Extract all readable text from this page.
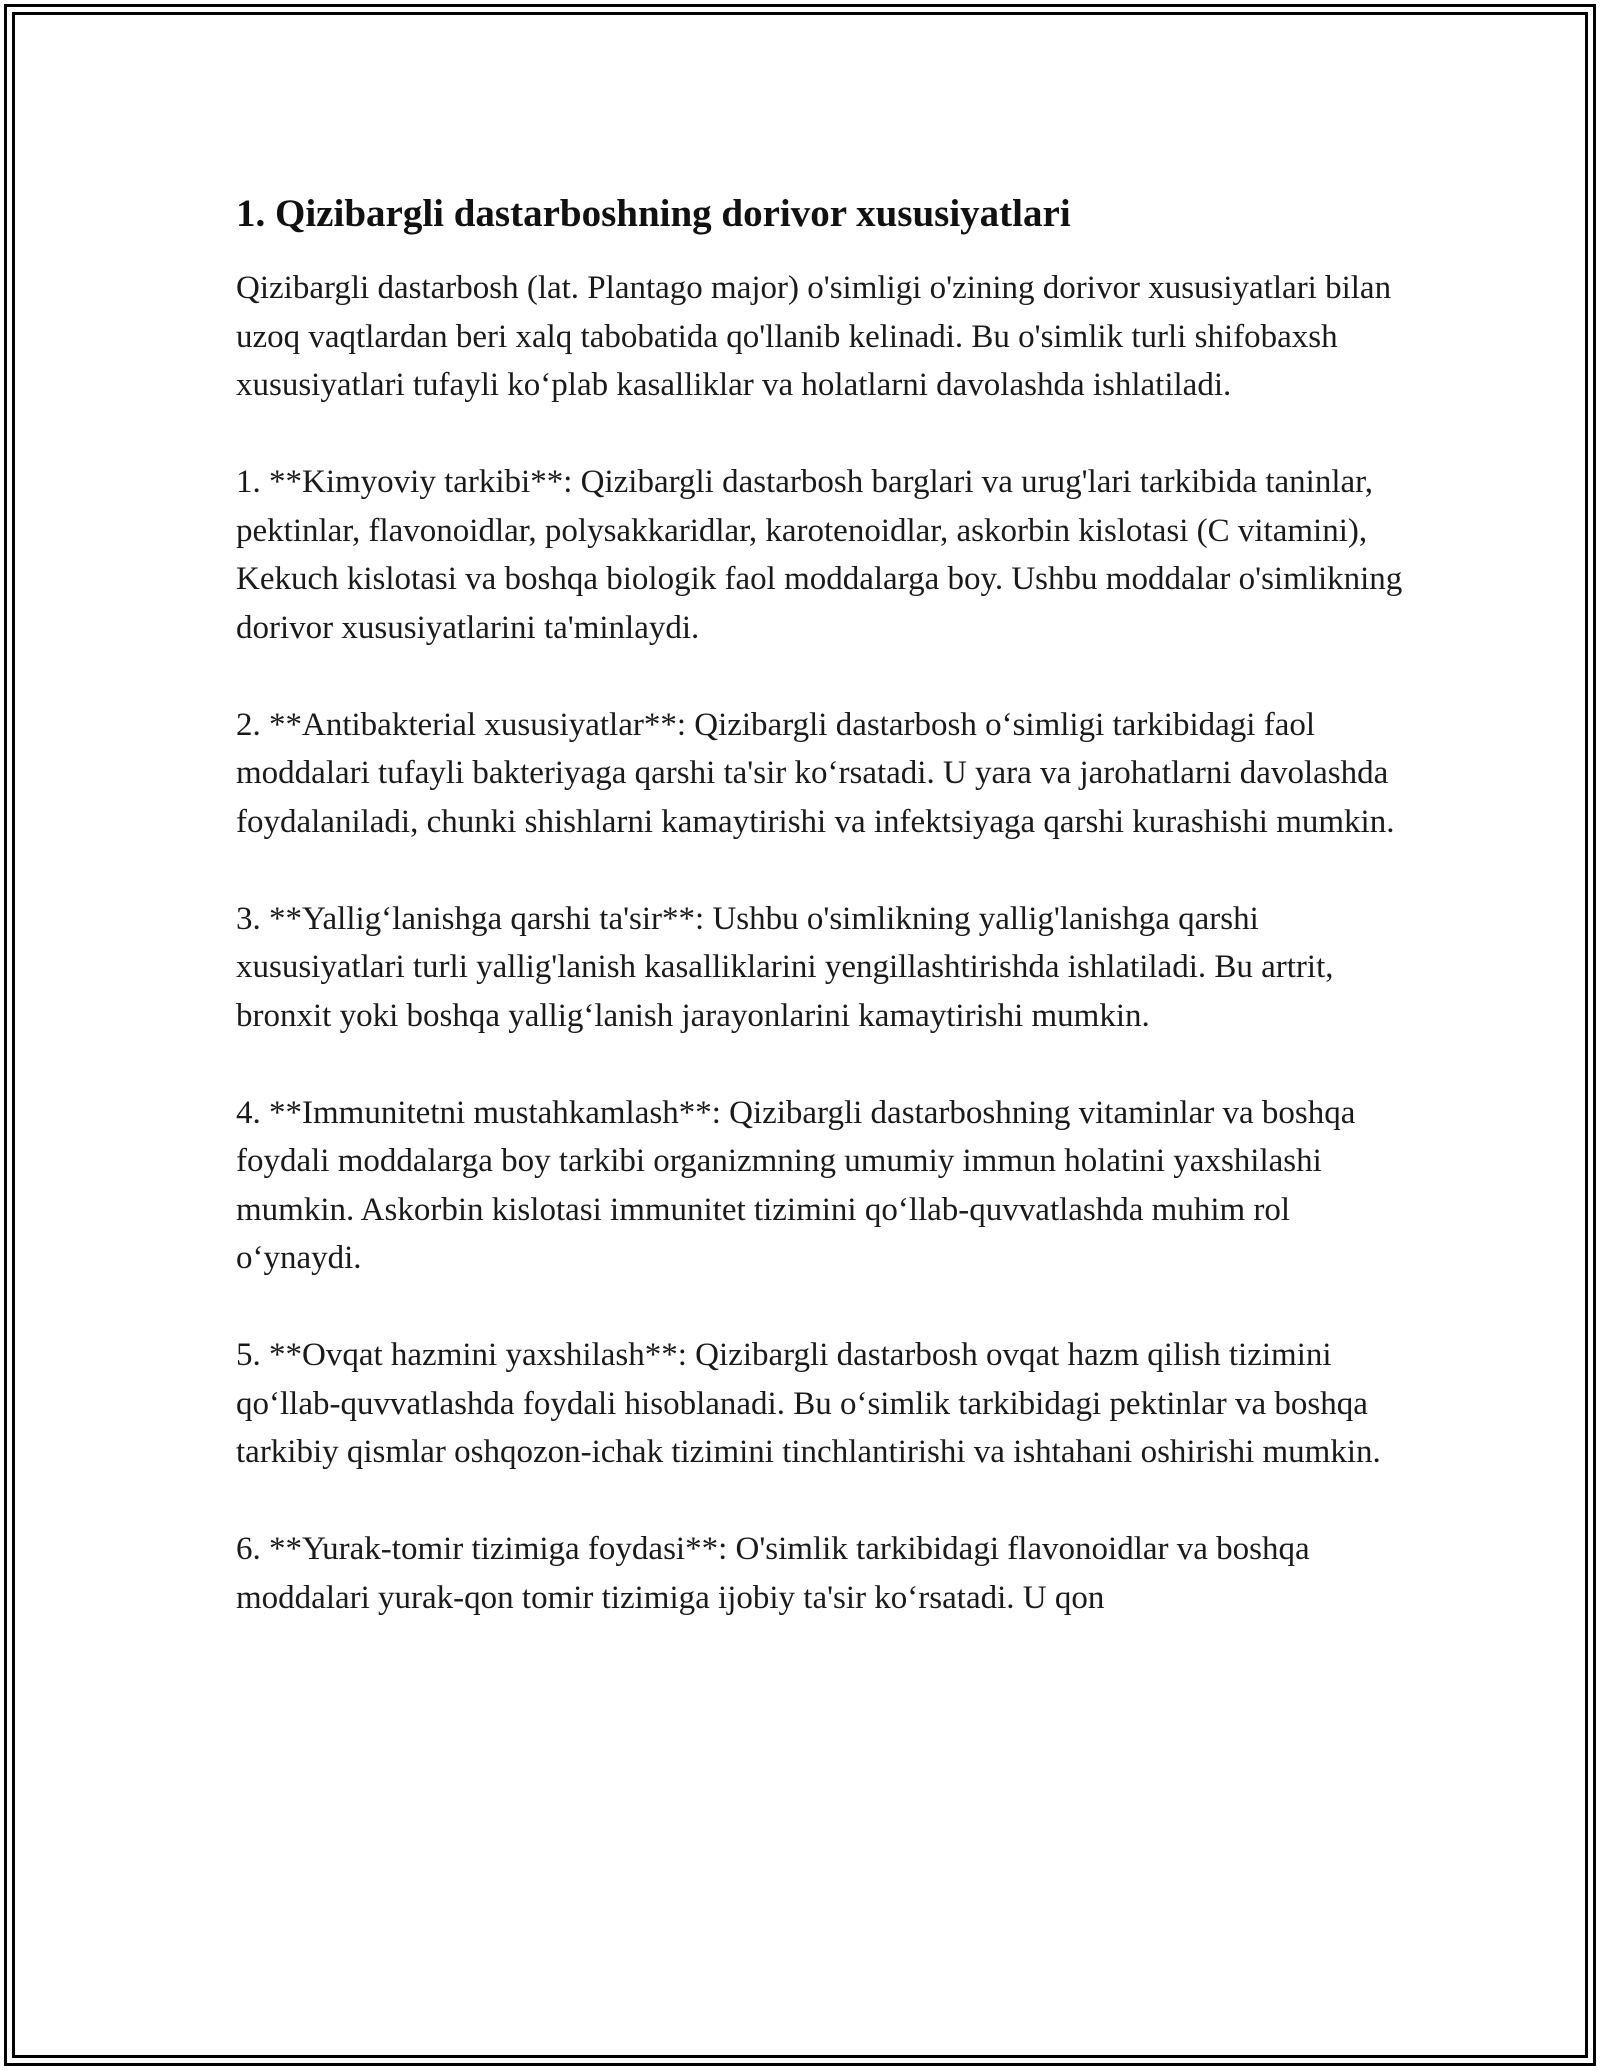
1. Qizibargli dastarboshning dorivor xususiyatlari

Qizibargli dastarbosh (lat. Plantago major) o'simligi o'zining dorivor xususiyatlari bilan uzoq vaqtlardan beri xalq tabobatida qo'llanib kelinadi. Bu o'simlik turli shifobaxsh xususiyatlari tufayli ko‘plab kasalliklar va holatlarni davolashda ishlatiladi.

1. **Kimyoviy tarkibi**: Qizibargli dastarbosh barglari va urug'lari tarkibida taninlar, pektinlar, flavonoidlar, polysakkaridlar, karotenoidlar, askorbin kislotasi (C vitamini), Kekuch kislotasi va boshqa biologik faol moddalarga boy. Ushbu moddalar o'simlikning dorivor xususiyatlarini ta'minlaydi.

2. **Antibakterial xususiyatlar**: Qizibargli dastarbosh o‘simligi tarkibidagi faol moddalari tufayli bakteriyaga qarshi ta'sir ko‘rsatadi. U yara va jarohatlarni davolashda foydalaniladi, chunki shishlarni kamaytirishi va infektsiyaga qarshi kurashishi mumkin.

3. **Yallig‘lanishga qarshi ta'sir**: Ushbu o'simlikning yallig'lanishga qarshi xususiyatlari turli yallig'lanish kasalliklarini yengillashtirishda ishlatiladi. Bu artrit, bronxit yoki boshqa yallig‘lanish jarayonlarini kamaytirishi mumkin.

4. **Immunitetni mustahkamlash**: Qizibargli dastarboshning vitaminlar va boshqa foydali moddalarga boy tarkibi organizmning umumiy immun holatini yaxshilashi mumkin. Askorbin kislotasi immunitet tizimini qo‘llab-quvvatlashda muhim rol o‘ynaydi.

5. **Ovqat hazmini yaxshilash**: Qizibargli dastarbosh ovqat hazm qilish tizimini qo‘llab-quvvatlashda foydali hisoblanadi. Bu o‘simlik tarkibidagi pektinlar va boshqa tarkibiy qismlar oshqozon-ichak tizimini tinchlantirishi va ishtahani oshirishi mumkin.

6. **Yurak-tomir tizimiga foydasi**: O'simlik tarkibidagi flavonoidlar va boshqa moddalari yurak-qon tomir tizimiga ijobiy ta'sir ko‘rsatadi. U qon
